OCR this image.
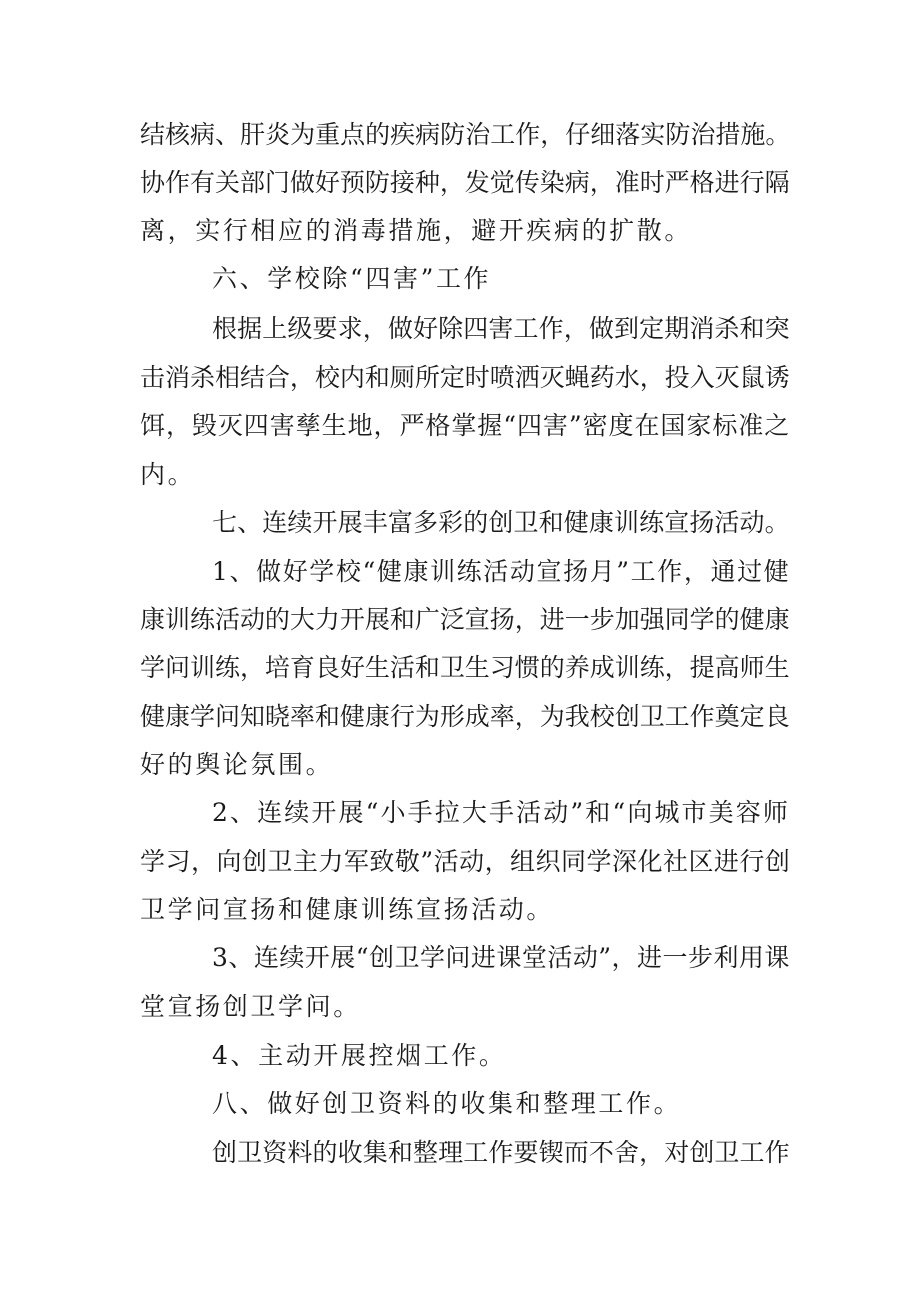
结核病、肝炎为重点的疾病防治工作，仔细落实防治措施。
协作有关部门做好预防接种，发觉传染病，准时严格进行隔
离，实行相应的消毒措施，避开疾病的扩散。
六、学校除“四害”工作
根据上级要求，做好除四害工作，做到定期消杀和突
击消杀相结合，校内和厕所定时喷洒灭蝇药水，投入灭鼠诱
饵，毁灭四害孳生地，严格掌握“四害”密度在国家标准之
内。
七、连续开展丰富多彩的创卫和健康训练宣扬活动。
1、做好学校“健康训练活动宣扬月”工作，通过健
康训练活动的大力开展和广泛宣扬，进一步加强同学的健康
学问训练，培育良好生活和卫生习惯的养成训练，提高师生
健康学问知晓率和健康行为形成率，为我校创卫工作奠定良
好的舆论氛围。
2、连续开展“小手拉大手活动”和“向城市美容师
学习，向创卫主力军致敬”活动，组织同学深化社区进行创
卫学问宣扬和健康训练宣扬活动。
3、连续开展“创卫学问进课堂活动”，进一步利用课
堂宣扬创卫学问。
4、主动开展控烟工作。
八、做好创卫资料的收集和整理工作。
创卫资料的收集和整理工作要锲而不舍，对创卫工作
